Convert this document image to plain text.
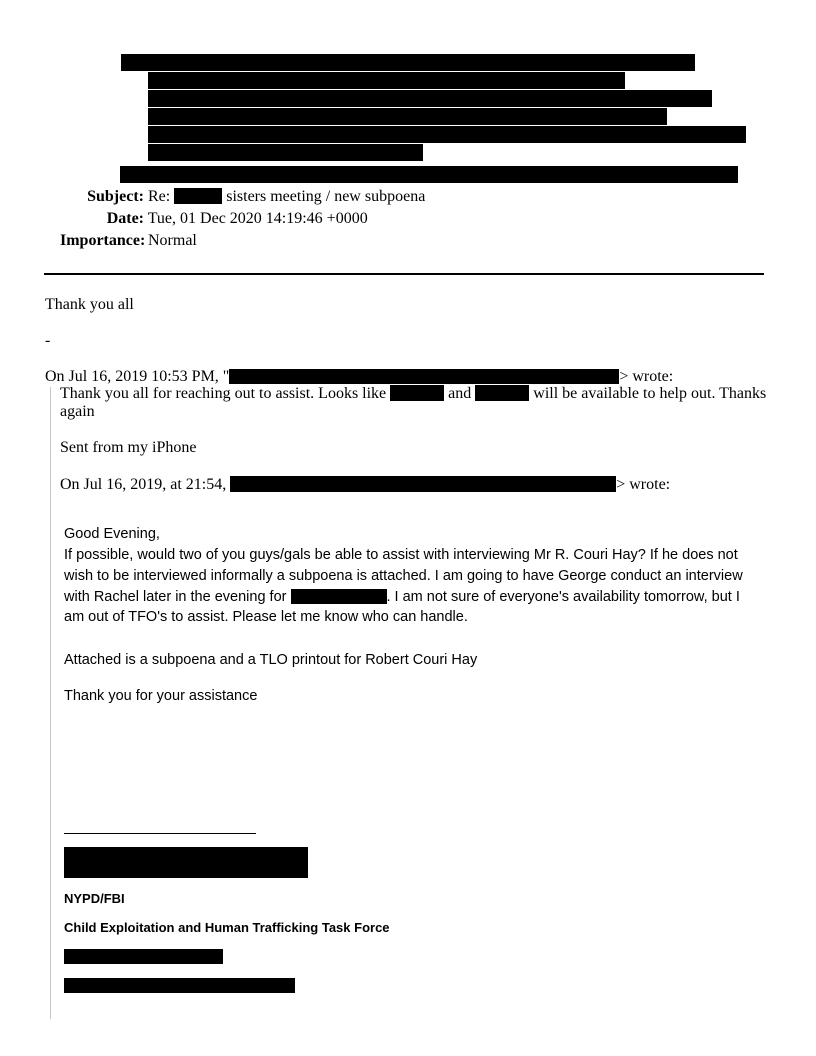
Subject: Re:	sisters meeting / new subpoena
Date: Tue, 01 Dec 2020 14:19:46 +0000
Importance: Normal
Thank you all
-
On Jul 16, 2019 10:53 PM, "	> wrote:
Thank you all for reaching out to assist. Looks like	and	will be available to help out. Thanks
again
Sent from my iPhone
On Jul 16, 2019, at 21:54,	> wrote:
Good Evening,
If possible, would two of you guys/gals be able to assist with interviewing Mr R. Couri Hay? If he does not
wish to be interviewed informally a subpoena is attached. I am going to have George conduct an interview
with Rachel later in the evening for	. I am not sure of everyone's availability tomorrow, but I
am out of TFO's to assist. Please let me know who can handle.
Attached is a subpoena and a TLO printout for Robert Couri Hay
Thank you for your assistance
NYPD/FBI
Child Exploitation and Human Trafficking Task Force
